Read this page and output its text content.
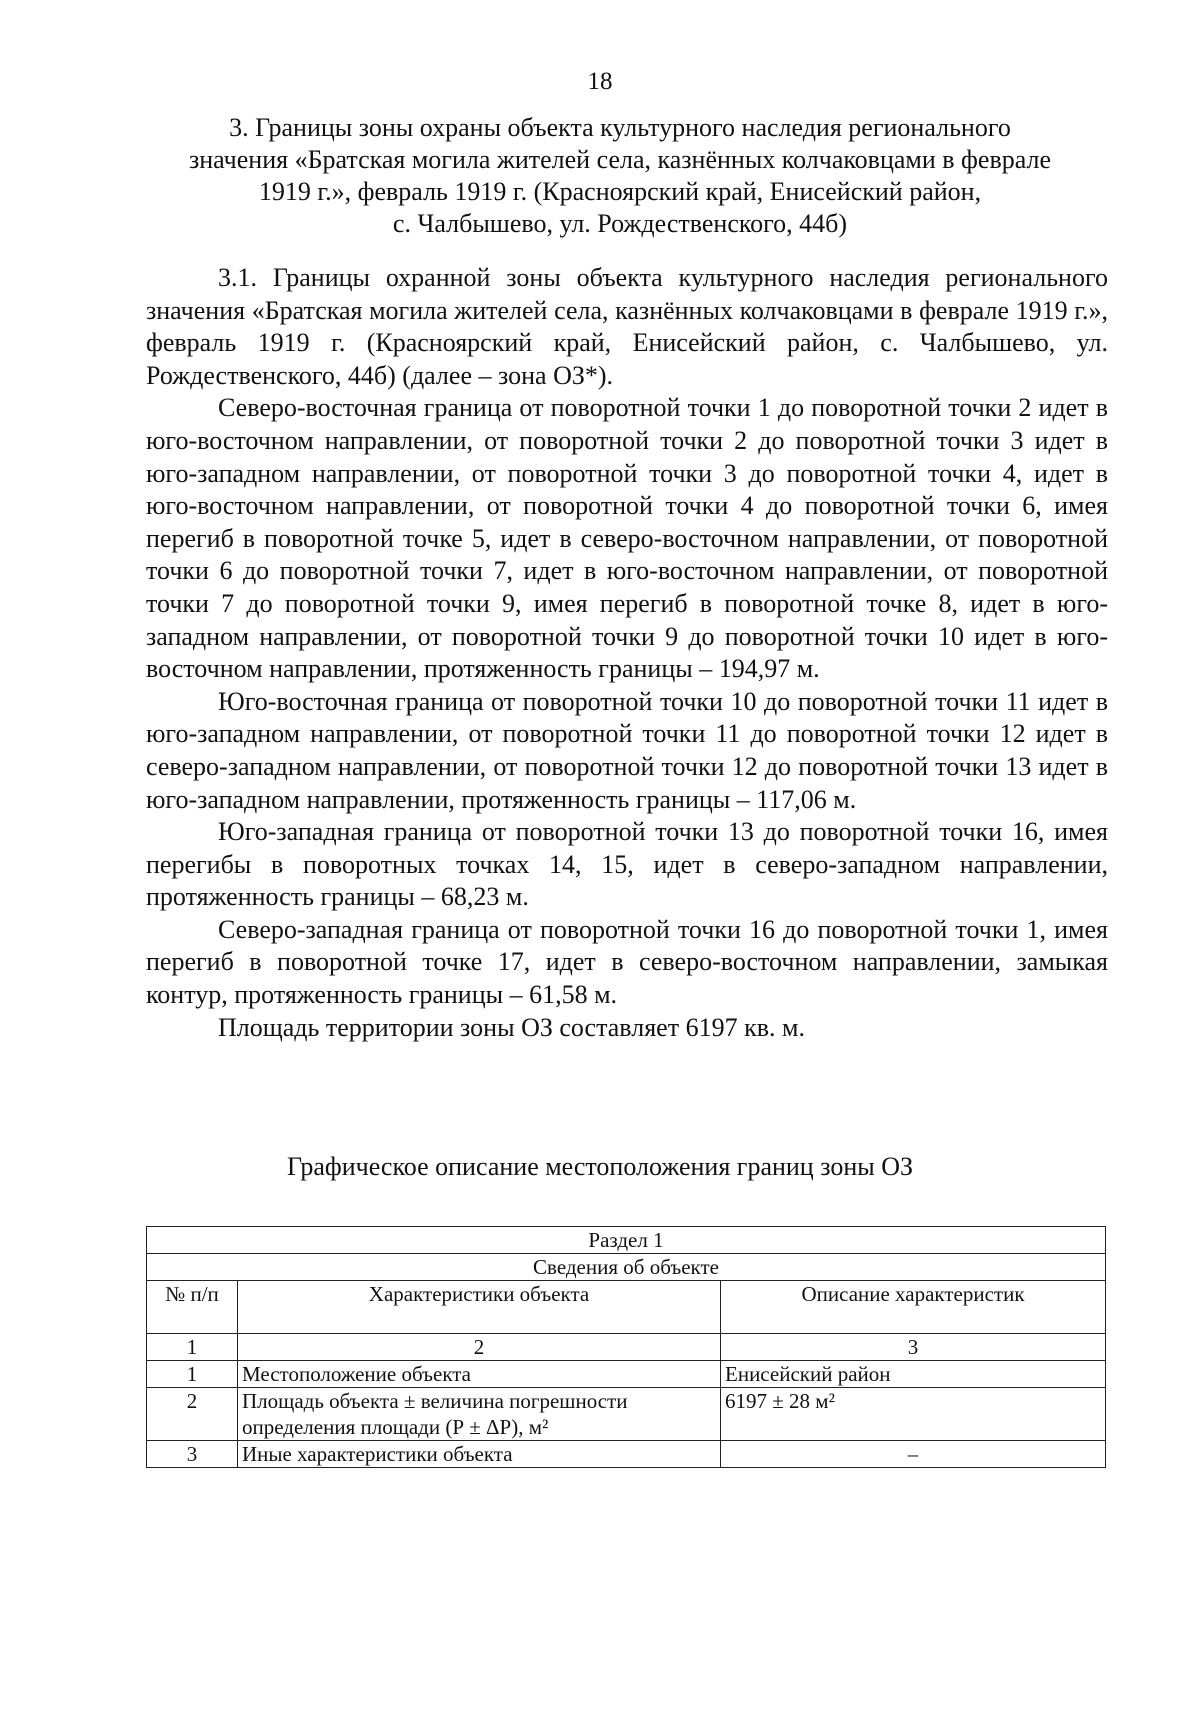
18
3. Границы зоны охраны объекта культурного наследия регионального
значения «Братская могила жителей села, казнённых колчаковцами в феврале
1919 г.», февраль 1919 г. (Красноярский край, Енисейский район,
с. Чалбышево, ул. Рождественского, 44б)

3.1. Границы охранной зоны объекта культурного наследия регионального значения «Братская могила жителей села, казнённых колчаковцами в феврале 1919 г.», февраль 1919 г. (Красноярский край, Енисейский район, с. Чалбышево, ул. Рождественского, 44б) (далее – зона ОЗ*).

Северо-восточная граница от поворотной точки 1 до поворотной точки 2 идет в юго-восточном направлении, от поворотной точки 2 до поворотной точки 3 идет в юго-западном направлении, от поворотной точки 3 до поворотной точки 4, идет в юго-восточном направлении, от поворотной точки 4 до поворотной точки 6, имея перегиб в поворотной точке 5, идет в северо-восточном направлении, от поворотной точки 6 до поворотной точки 7, идет в юго-восточном направлении, от поворотной точки 7 до поворотной точки 9, имея перегиб в поворотной точке 8, идет в юго-западном направлении, от поворотной точки 9 до поворотной точки 10 идет в юго-восточном направлении, протяженность границы – 194,97 м.

Юго-восточная граница от поворотной точки 10 до поворотной точки 11 идет в юго-западном направлении, от поворотной точки 11 до поворотной точки 12 идет в северо-западном направлении, от поворотной точки 12 до поворотной точки 13 идет в юго-западном направлении, протяженность границы – 117,06 м.

Юго-западная граница от поворотной точки 13 до поворотной точки 16, имея перегибы в поворотных точках 14, 15, идет в северо-западном направлении, протяженность границы – 68,23 м.

Северо-западная граница от поворотной точки 16 до поворотной точки 1, имея перегиб в поворотной точке 17, идет в северо-восточном направлении, замыкая контур, протяженность границы – 61,58 м.

Площадь территории зоны ОЗ составляет 6197 кв. м.

Графическое описание местоположения границ зоны ОЗ
Раздел 1		
Сведения об объекте		
№ п/п	Характеристики объекта	Описание характеристик
1	2	3
1	Местоположение объекта	Енисейский район
2	Площадь объекта ± величина погрешности определения площади (Р ± ΔР), м²	6197 ± 28 м²
3	Иные характеристики объекта	–
